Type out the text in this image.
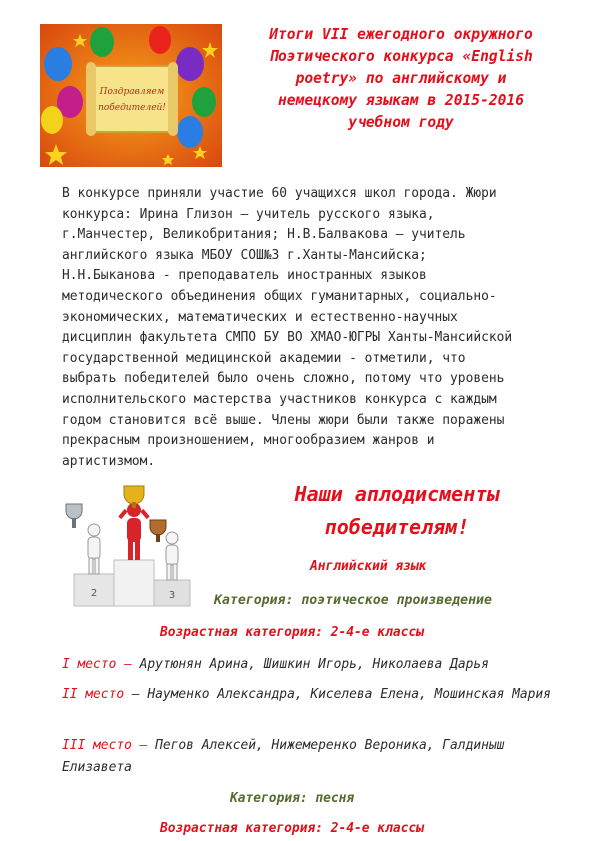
Поздравляем
победителей!
Итоги VII ежегодного окружного
Поэтического конкурса «English
poetry» по английскому и
немецкому языкам в 2015-2016
учебном году
В конкурсе приняли участие 60 учащихся школ города. Жюри
конкурса: Ирина Глизон – учитель русского языка,
г.Манчестер, Великобритания; Н.В.Балвакова – учитель
английского языка МБОУ СОШ№3 г.Ханты-Мансийска;
Н.Н.Быканова - преподаватель иностранных языков
методического объединения общих гуманитарных, социально-
экономических, математических и естественно-научных
дисциплин факультета СМПО БУ ВО ХМАО-ЮГРЫ Ханты-Мансийской
государственной медицинской академии - отметили, что
выбрать победителей было очень сложно, потому что уровень
исполнительского мастерства участников конкурса с каждым
годом становится всё выше. Члены жюри были также поражены
прекрасным произношением, многообразием жанров и
артистизмом.
2	3
Наши аплодисменты
победителям!
Английский язык
Категория: поэтическое произведение
Возрастная категория: 2-4-е классы

I место – Арутюнян Арина, Шишкин Игорь, Николаева Дарья

II место – Науменко Александра, Киселева Елена, Мошинская Мария

III место – Пегов Алексей, Нижемеренко Вероника, Галдиныш Елизавета

Категория: песня
Возрастная категория: 2-4-е классы
